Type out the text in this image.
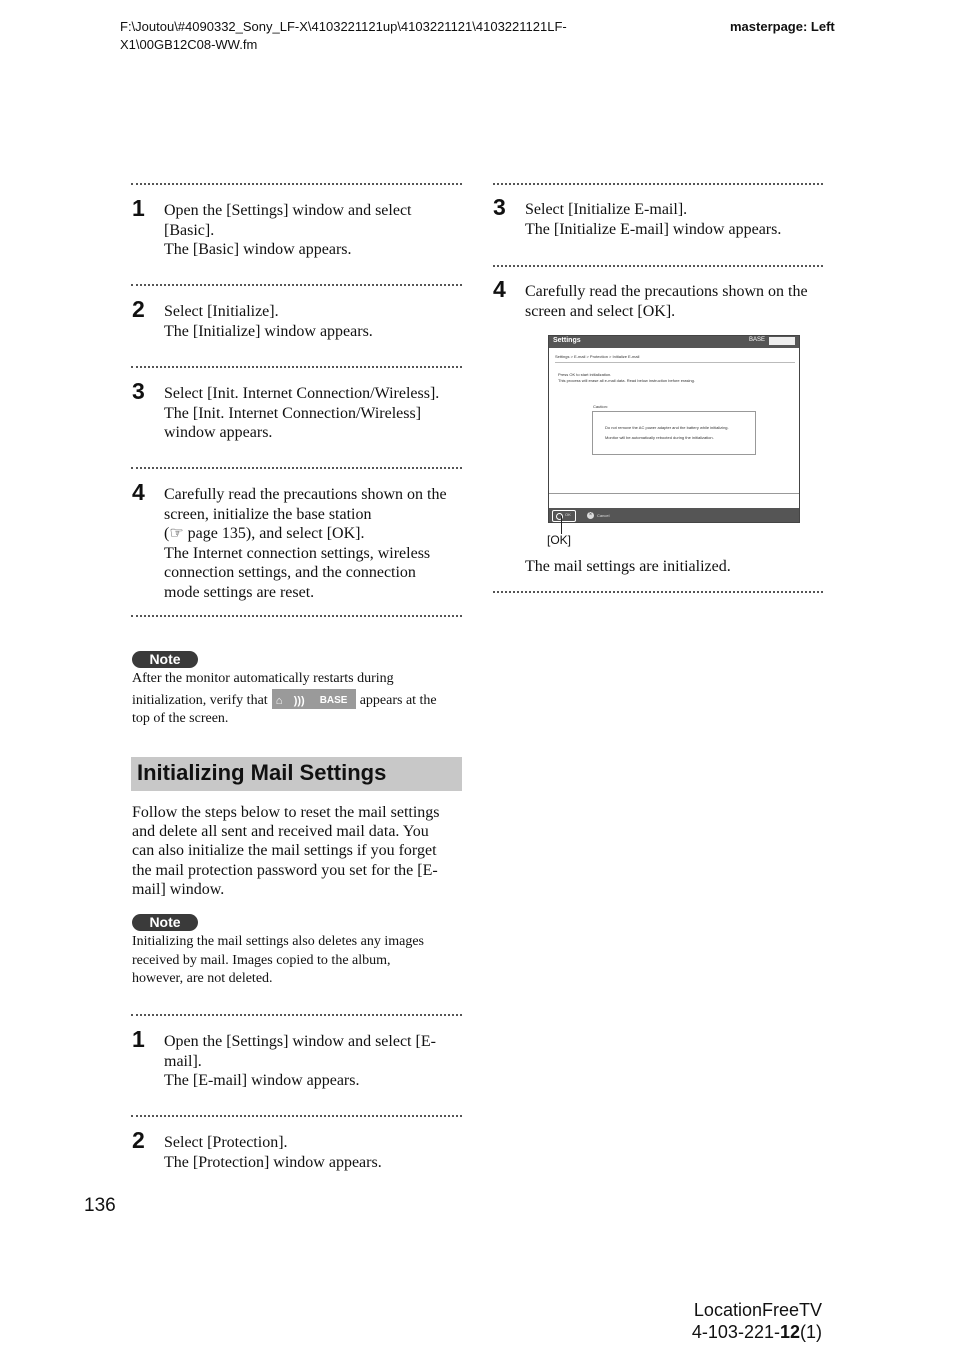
F:\Joutou\#4090332_Sony_LF-X\4103221121up\4103221121\4103221121LF-
X1\00GB12C08-WW.fm
masterpage: Left
1 Open the [Settings] window and select
[Basic].
The [Basic] window appears.
2 Select [Initialize].
The [Initialize] window appears.
3 Select [Init. Internet Connection/Wireless].
The [Init. Internet Connection/Wireless]
window appears.
4 Carefully read the precautions shown on the
screen, initialize the base station
(☞ page 135), and select [OK].
The Internet connection settings, wireless
connection settings, and the connection
mode settings are reset.
Note
After the monitor automatically restarts during
initialization, verify that ⌂ ))) BASE appears at the
top of the screen.
Initializing Mail Settings
Follow the steps below to reset the mail settings
and delete all sent and received mail data. You
can also initialize the mail settings if you forget
the mail protection password you set for the [E-
mail] window.
Note
Initializing the mail settings also deletes any images
received by mail. Images copied to the album,
however, are not deleted.
1 Open the [Settings] window and select [E-
mail].
The [E-mail] window appears.
2 Select [Protection].
The [Protection] window appears.
3 Select [Initialize E-mail].
The [Initialize E-mail] window appears.
4 Carefully read the precautions shown on the
screen and select [OK].
Settings	BASE
Settings > E-mail > Protection > Initialize E-mail
Press OK to start initialization.
This process will erase all e-mail data. Read below instruction before erasing.
Caution:
Do not remove the AC power adapter and the battery while initializing.
Monitor will be automatically rebooted during the initialization.
OK	×	Cancel
[OK]
The mail settings are initialized.
136
LocationFreeTV
4-103-221-12(1)
